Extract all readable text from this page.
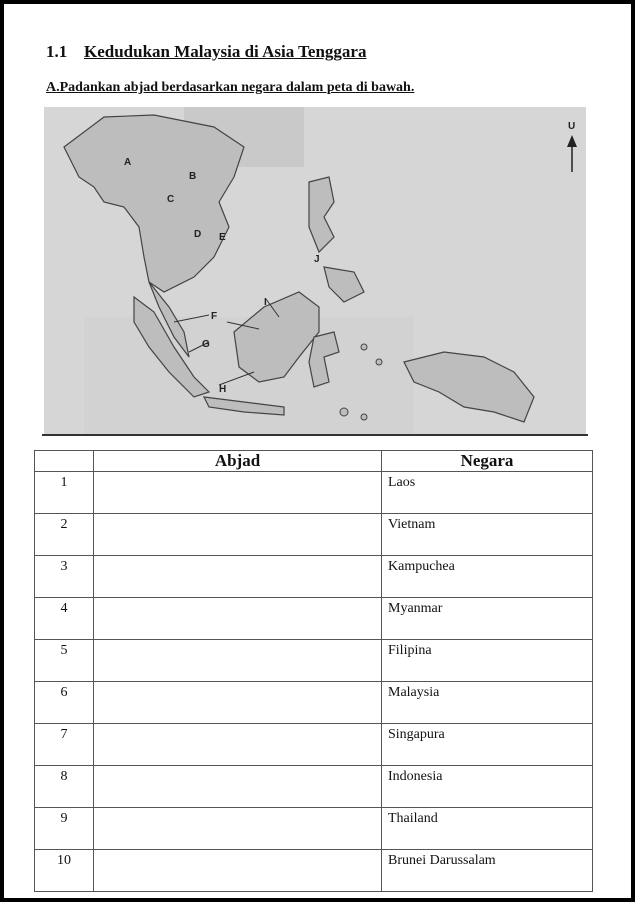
1.1 Kedudukan Malaysia di Asia Tenggara
A.Padankan abjad berdasarkan negara dalam peta di bawah.
U
A
B
C
D E
F
G
H
I
J
	Abjad	Negara
1		Laos
2		Vietnam
3		Kampuchea
4		Myanmar
5		Filipina
6		Malaysia
7		Singapura
8		Indonesia
9		Thailand
10		Brunei Darussalam
